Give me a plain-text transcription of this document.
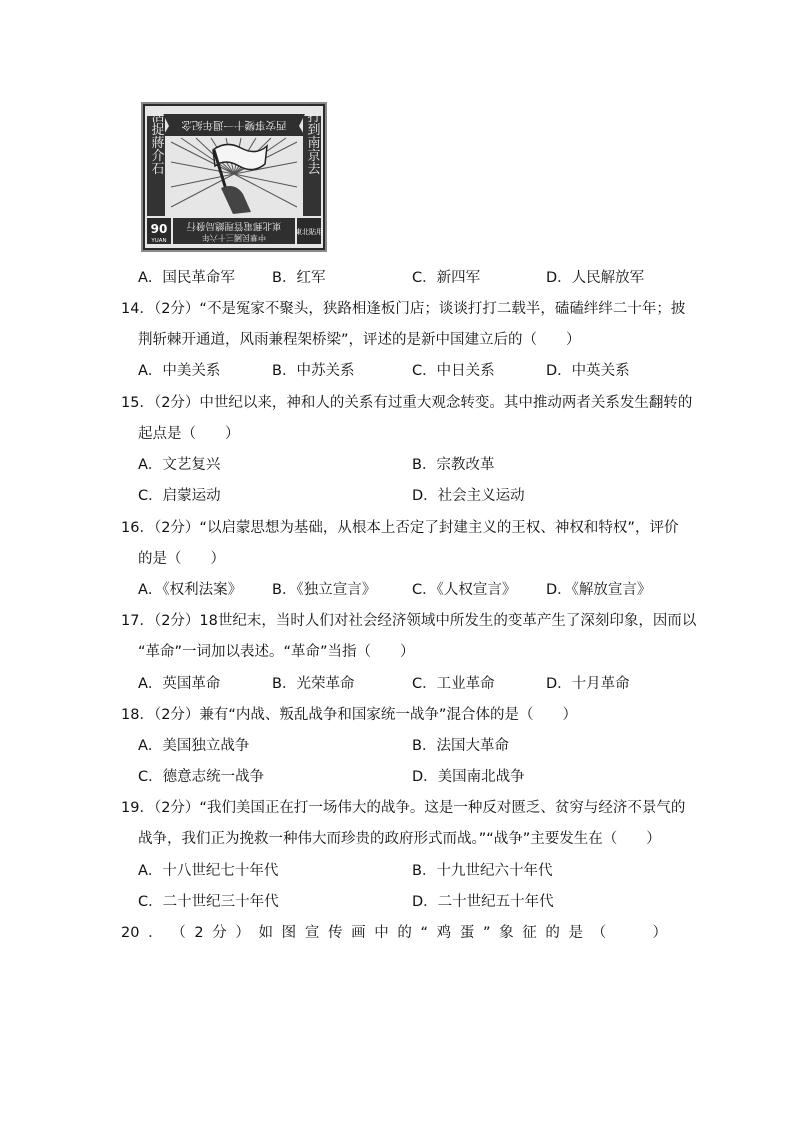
西安事變十一週年紀念
活捉蔣介石	打到南京去
東北郵電管理總局發行
中華民國三十六年
90
YUAN
東北貼用
A．国民革命军	B．红军	C．新四军	D．人民解放军
14．（2分）“不是冤家不聚头，狭路相逢板门店；谈谈打打二载半，磕磕绊绊二十年；披
荆斩棘开通道，风雨兼程架桥梁”，评述的是新中国建立后的（　　）
A．中美关系	B．中苏关系	C．中日关系	D．中英关系
15．（2分）中世纪以来，神和人的关系有过重大观念转变。其中推动两者关系发生翻转的
起点是（　　）
A．文艺复兴	B．宗教改革
C．启蒙运动	D．社会主义运动
16．（2分）“以启蒙思想为基础，从根本上否定了封建主义的王权、神权和特权”，评价
的是（　　）
A．《权利法案》 B．《独立宣言》 C．《人权宣言》 D．《解放宣言》
17．（2分）18世纪末，当时人们对社会经济领域中所发生的变革产生了深刻印象，因而以
“革命”一词加以表述。“革命”当指（　　）
A．英国革命	B．光荣革命	C．工业革命	D．十月革命
18．（2分）兼有“内战、叛乱战争和国家统一战争”混合体的是（　　）
A．美国独立战争	B．法国大革命
C．德意志统一战争	D．美国南北战争
19．（2分）“我们美国正在打一场伟大的战争。这是一种反对匮乏、贫穷与经济不景气的
战争，我们正为挽救一种伟大而珍贵的政府形式而战。”“战争”主要发生在（　　）
A．十八世纪七十年代	B．十九世纪六十年代
C．二十世纪三十年代	D．二十世纪五十年代
20 ． （ 2 分 ） 如 图 宣 传 画 中 的 “ 鸡 蛋 ” 象 征 的 是 （
　　	）
